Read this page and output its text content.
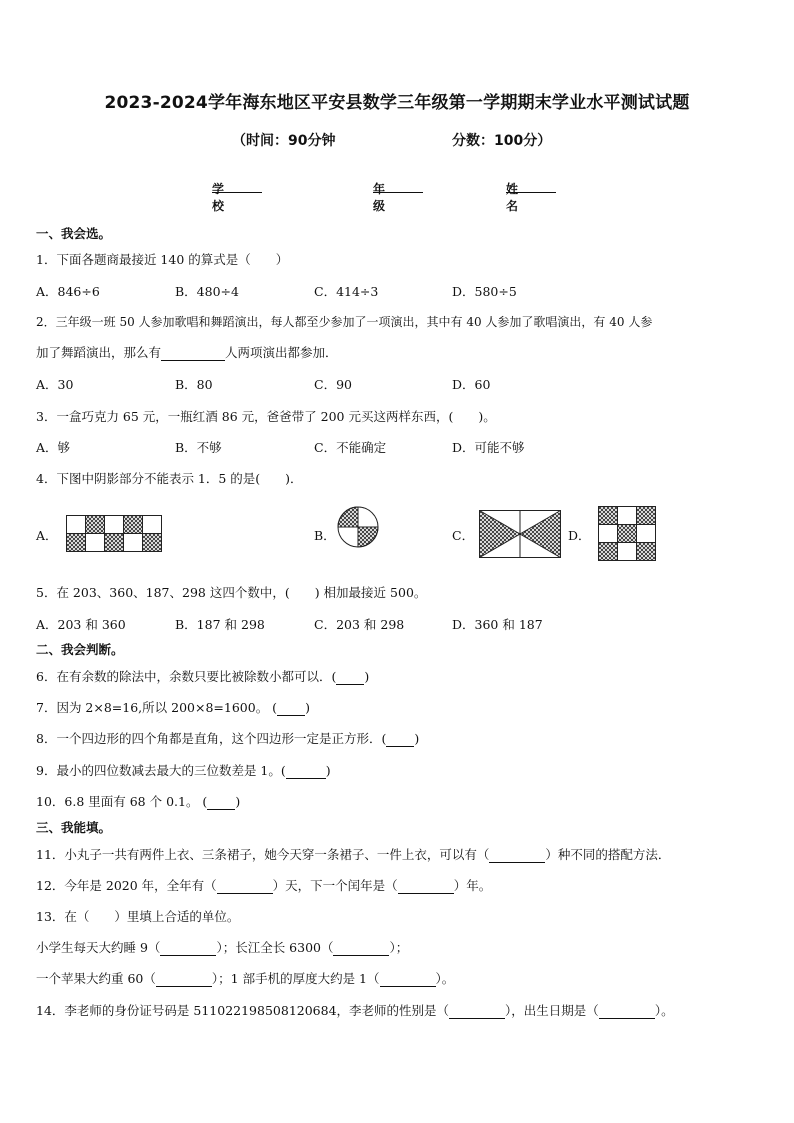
2023-2024学年海东地区平安县数学三年级第一学期期末学业水平测试试题
（时间：90分钟	分数：100分）
学校
年级
姓名
一、我会选。
1．下面各题商最接近 140 的算式是（　　）
A．846÷6	B．480÷4	C．414÷3	D．580÷5
2．三年级一班 50 人参加歌唱和舞蹈演出，每人都至少参加了一项演出，其中有 40 人参加了歌唱演出，有 40 人参
加了舞蹈演出，那么有	人两项演出都参加．
A．30	B．80	C．90	D．60
3．一盒巧克力 65 元，一瓶红酒 86 元，爸爸带了 200 元买这两样东西，(　　)。
A．够	B．不够	C．不能确定	D．可能不够
4．下图中阴影部分不能表示 1．5 的是(　　)．
A．	B．	C．	D．
5．在 203、360、187、298 这四个数中，(　　) 相加最接近 500。
A．203 和 360	B．187 和 298	C．203 和 298	D．360 和 187
二、我会判断。
6．在有余数的除法中，余数只要比被除数小都可以．( )
7．因为 2×8=16,所以 200×8=1600。 ( )
8．一个四边形的四个角都是直角，这个四边形一定是正方形．( )
9．最小的四位数减去最大的三位数差是 1。(	)
10．6.8 里面有 68 个 0.1。 ( )
三、我能填。
11．小丸子一共有两件上衣、三条裙子，她今天穿一条裙子、一件上衣，可以有（	）种不同的搭配方法．
12．今年是 2020 年，全年有（	）天，下一个闰年是（	）年。
13．在（　　）里填上合适的单位。
小学生每天大约睡 9（	）；长江全长 6300（	）；
一个苹果大约重 60（	）；1 部手机的厚度大约是 1（	）。
14．李老师的身份证号码是 511022198508120684，李老师的性别是（	），出生日期是（	）。
